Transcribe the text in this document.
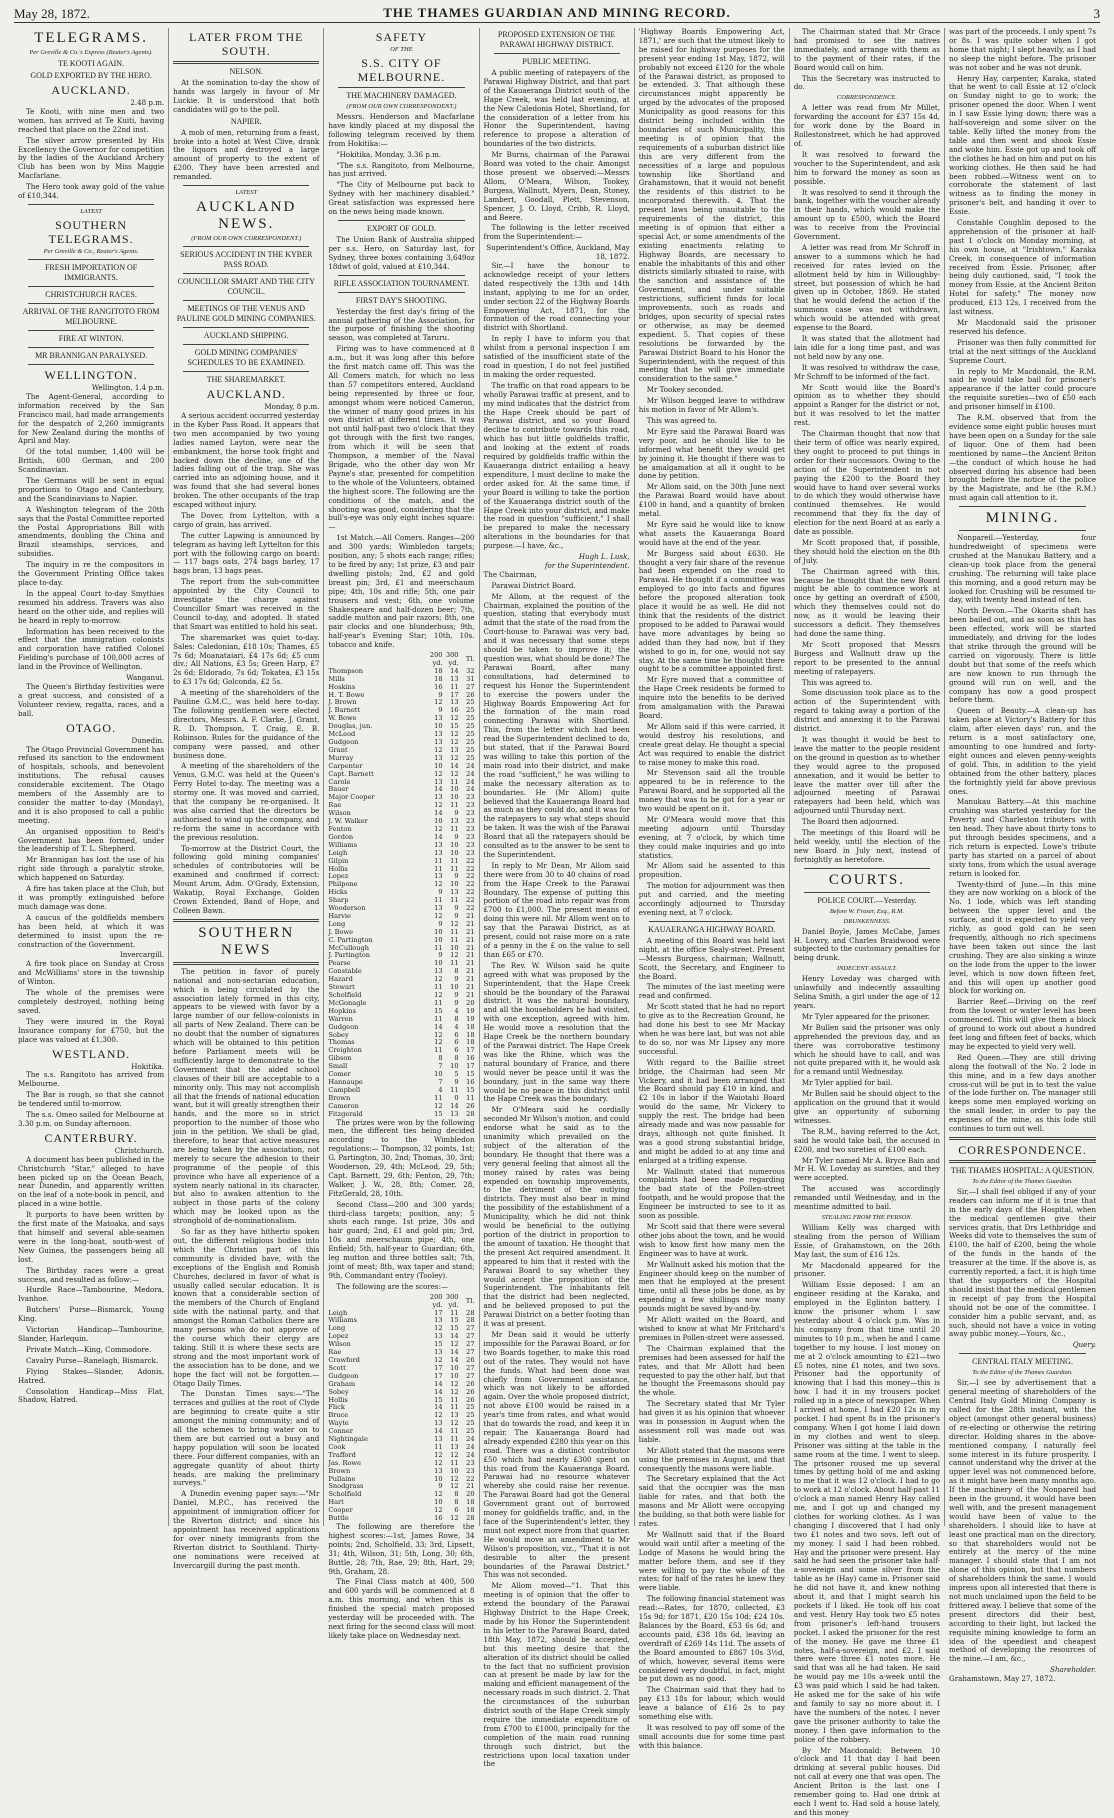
May 28, 1872.	THE THAMES GUARDIAN AND MINING RECORD.	3
TELEGRAMS.
Per Greville & Co.'s Express (Reuter's Agents).
TE KOOTI AGAIN.
GOLD EXPORTED BY THE HERO.
AUCKLAND.
2.48 p.m.

Te Kooti, with nine men and two women, has arrived at Te Kuiti, having reached that place on the 22nd inst.

The silver arrow presented by His Excellency the Governor for competition by the ladies of the Auckland Archery Club has been won by Miss Maggie Macfarlane.

The Hero took away gold of the value of £10,344.

LATEST
SOUTHERN TELEGRAMS.
Per Greville & Co., Reuter's Agents.
FRESH IMPORTATION OF IMMIGRANTS.
CHRISTCHURCH RACES.
ARRIVAL OF THE RANGITOTO FROM MELBOURNE.
FIRE AT WINTON.
MR BRANNIGAN PARALYSED.
WELLINGTON.
Wellington, 1.4 p.m.

The Agent-General, according to information received by the San Francisco mail, had made arrangements for the despatch of 2,260 immigrants for New Zealand during the months of April and May.

Of the total number, 1,400 will be British, 600 German, and 200 Scandinavian.

The Germans will be sent in equal proportions to Otago and Canterbury, and the Scandinavians to Napier.

A Washington telegram of the 20th says that the Postal Committee reported the Postal Appropriations Bill with amendments, doubling the China and Brazil steamships, services, and subsidies.

The inquiry in re the compositors in the Government Printing Office takes place to-day.

In the appeal Court to-day Smythies resumed his address. Travers was also heard on the other side, and replies will be heard in reply to-morrow.

Information has been received to the effect that the immigration colonists and corporation have ratified Colonel Fielding's purchase of 100,000 acres of land in the Province of Wellington.

Wanganui.

The Queen's Birthday festivities were a great success, and consisted of a Volunteer review, regatta, races, and a ball.

OTAGO.
Dunedin.

The Otago Provincial Government has refused its sanction to the endowment of hospitals, schools, and benevolent institutions. The refusal causes considerable excitement. The Otago members of the Assembly are to consider the matter to-day (Monday), and it is also proposed to call a public meeting.

An organised opposition to Reid's Government has been formed, under the leadership of T. L. Shepherd.

Mr Brannigan has lost the use of his right side through a paralytic stroke, which happened on Saturday.

A fire has taken place at the Club, but it was promptly extinguished before much damage was done.

A caucus of the goldfields members has been held, at which it was determined to insist upon the re-construction of the Government.

Invercargill.

A fire took place on Sunday at Cross and McWilliams' store in the township of Winton.

The whole of the premises were completely destroyed, nothing being saved.

They were insured in the Royal Insurance company for £750, but the place was valued at £1,300.

WESTLAND.
Hokitika.

The s.s. Rangitoto has arrived from Melbourne.

The Bar is rough, so that she cannot be tendered until to-morrow.

The s.s. Omeo sailed for Melbourne at 3.30 p.m. on Sunday afternoon.

CANTERBURY.
Christchurch.

A document has been published in the Christchurch "Star," alleged to have been picked up on the Ocean Beach, near Dunedin, and apparently written on the leaf of a note-book in pencil, and placed in a wine bottle.

It purports to have been written by the first mate of the Matoaka, and says that himself and several able-seamen were in the long-boat, south-west of New Guinea, the passengers being all lost.

The Birthday races were a great success, and resulted as follow:—

Hurdle Race—Tambourine, Medora, Ivanhoe.

Butchers' Purse—Bismarck, Young King.

Victorian Handicap—Tambourine, Slander, Harlequin.

Private Match—King, Commodore.

Cavalry Purse—Ranelagh, Bismarck.

Flying Stakes—Slander, Adonis, Hatred.

Consolation Handicap—Miss Flat, Shadow, Hatred.

LATER FROM THE SOUTH.
NELSON.

At the nomination to-day the show of hands was largely in favour of Mr Luckie. It is understood that both candidates will go to the poll.

NAPIER.

A mob of men, returning from a feast, broke into a hotel at West Clive, drank the liquors and destroyed a large amount of property to the extent of £200. They have been arrested and remanded.

LATEST
AUCKLAND NEWS.
(FROM OUR OWN CORRESPONDENT.)
SERIOUS ACCIDENT IN THE KYBER PASS ROAD.
COUNCILLOR SMART AND THE CITY COUNCIL.
MEETINGS OF THE VENUS AND PAULINE GOLD MINING COMPANIES.
AUCKLAND SHIPPING.
GOLD MINING COMPANIES' SCHEDULES TO BE EXAMINED.
THE SHAREMARKET.
AUCKLAND.
Monday, 8 p.m.

A serious accident occurred yesterday in the Kyber Pass Road. It appears that two men accompanied by two young ladies named Layton, were near the embankment, the horse took fright and backed down the decline, one of the ladies falling out of the trap. She was carried into an adjoining house, and it was found that she had several bones broken. The other occupants of the trap escaped without injury.

The Dover, from Lyttelton, with a cargo of grain, has arrived.

The cutter Lapwing is announced by telegram as having left Lyttelton for this port with the following cargo on board:— 117 bags oats, 274 bags barley, 17 bags bran, 13 bags peas.

The report from the sub-committee appointed by the City Council to investigate the charge against Councillor Smart was received in the Council to-day, and adopted. It stated that Smart was entitled to hold his seat.

The sharemarket was quiet to-day. Sales: Caledonian, £18 10s; Thames, £5 7s 6d; Moanataiari, £4 17s 6d; £5 cum div.; All Nations, £3 5s; Green Harp, £7 2s 6d; Eldorado, 7s 6d; Tokatea, £3 15s to £3 17s 6d; Golconda, £2 5s.

A meeting of the shareholders of the Pauline G.M.C., was held here to-day. The following gentlemen were elected directors, Messrs. A. F. Clarke, J. Grant, R. D. Thompson, T. Craig, E. B. Robinson. Rules for the guidance of the company were passed, and other business done.

A meeting of the shareholders of the Venus, G.M.C. was held at the Queen's Ferry Hotel to-day. The meeting was a stormy one. It was moved and carried, that the company be re-organised. It was also carried that the directors be authorised to wind up the company, and re-form the same in accordance with the previous resolution.

To-morrow at the District Court, the following gold mining companies' schedules of contributories will be examined and confirmed if correct: Mount Arum, Adm. O'Grady, Extension, Wakatip, Royal Exchange, Golden Crown Extended, Band of Hope, and Colleen Bawn.

SOUTHERN NEWS

The petition in favor of purely national and non-sectarian education, which is being circulated by the association lately formed in this city, appears to be viewed with favor by a large number of our fellow-colonists in all parts of New Zealand. There can be no doubt that the number of signatures which will be obtained to this petition before Parliament meets will be sufficiently large to demonstrate to the Government that the aided school clauses of their bill are acceptable to a minority only. This may not accomplish all that the friends of national education want, but it will greatly strengthen their hands, and the more so in strict proportion to the number of those who join in the petition. We shall be glad, therefore, to hear that active measures are being taken by the association, not merely to secure the adhesion to their programme of the people of this province who have all experience of a system nearly national in its character, but also to awaken attention to the subject in those parts of the colony which may be looked upon as the stronghold of de-nominationalism.

So far as they have hitherto spoken out, the different religious bodies into which the Christian part of this community is divided have, with the exceptions of the English and Romish Churches, declared in favor of what is usually called secular education. It is known that a considerable section of the members of the Church of England side with the national party, and that amongst the Roman Catholics there are many persons who do not approve of the course which their clergy are taking. Still it is where these sects are strong and the most important work of the association has to be done, and we hope the fact will not be forgotten.—Otago Daily Times.

The Dunstan Times says:—"The terraces and gullies at the root of Clyde are beginning to create quite a stir amongst the mining community; and of all the schemes to bring water on to them are but carried out a busy and happy population will soon be located there. Four different companies, with an aggregate quantity of about thirty heads, are making the preliminary surveys."

A Dunedin evening paper says:—"Mr Daniel, M.P.C., has received the appointment of immigration officer for the Riverton district; and since his appointment has received applications for over ninety immigrants from the Riverton district to Southland. Thirty-one nominations were received at Invercargill during the past month.

SAFETY
OF THE
S.S. CITY OF MELBOURNE.
THE MACHINERY DAMAGED.
(FROM OUR OWN CORRESPONDENT.)

Messrs. Henderson and Macfarlane have kindly placed at my disposal the following telegram received by them from Hokitika:—

"Hokitika, Monday, 3.36 p.m.

"The s.s. Rangitoto, from Melbourne, has just arrived.

"The City of Melbourne put back to Sydney with her machinery disabled." Great satisfaction was expressed here on the news being made known.

EXPORT OF GOLD.

The Union Bank of Australia shipped per s.s. Hero, on Saturday last, for Sydney, three boxes containing 3,649oz 18dwt of gold, valued at £10,344.

RIFLE ASSOCIATION TOURNAMENT.
FIRST DAY'S SHOOTING.

Yesterday the first day's firing of the annual gathering of the Association, for the purpose of finishing the shooting season, was completed at Taruru.

Firing was to have commenced at 8 a.m., but it was long after this before the first match came off. This was the All Comers match, for which no less than 57 competitors entered, Auckland being represented by three or four, amongst whom were noticed Cameron, the winner of many good prizes in his own district at different times. It was not until half-past two o'clock that they got through with the first two ranges, from which it will be seen that Thompson, a member of the Naval Brigade, who the other day won Mr Payne's star, presented for competition to the whole of the Volunteers, obtained the highest score. The following are the conditions of the match, and the shooting was good, considering that the bull's-eye was only eight inches square:—

1st Match.—All Comers. Ranges—200 and 300 yards; Wimbledon targets; position, any; 5 shots each range; rifles; to be fired by any; 1st prize, £3 and pair dwelling pistols; 2nd, £2 and gold breast pin; 3rd, £1 and meerschaum pipe; 4th, 10s and rifle; 5th, one pair trousers and vest; 6th, one volume Shakespeare and half-dozen beer; 7th, saddle mutton and pair razors; 8th, one pair clocks and one blunderbuss; 9th, half-year's Evening Star; 10th, 10s. tobacco and knife.

	200 yd.	300 yd.	Tl.
Thompson	18	14	32
Mills	18	13	31
Hoskins	16	11	27
H. T. Bowe	9	17	26
J. Brown	12	13	25
J. Barnett	9	16	25
W. Bowe	13	12	25
Douglas, jun.	10	15	25
McLeod	13	12	25
Gudgeon	13	12	25
Grant	12	13	25
Murray	13	12	25
Carpenter	10	14	24
Capt. Barnett	12	12	24
Carole	13	11	24
Bauer	14	10	24
Major Cooper	13	10	23
Rae	12	11	23
Wilson	14	9	23
J. W. Walker	10	13	23
Fenton	12	11	23
Gordon	14	9	23
Williams	13	10	23
Leigh	13	10	23
Gilpin	11	11	22
Hollis	11	11	22
Lopez	13	9	22
Philpone	12	10	22
Hicks	9	13	22
Sharp	11	11	22
Wooderson	13	9	22
Harvie	12	9	21
Long	9	12	21
J. Bowe	10	11	21
C. Partington	10	11	21
McCullough	11	10	21
J. Partington	9	12	21
Pearse	10	11	21
Constable	13	8	21
Hazard	12	9	21
Stewart	11	10	21
Scholfield	12	9	21
McGonagle	11	9	20
Hopkins	15	4	19
Warren	11	8	19
Gudgeon	14	4	18
Sobey	12	6	18
Thomas	12	6	18
Creighton	11	6	17
Gibson	8	8	16
Small	7	10	17
Comer	10	5	15
Hannaupe	7	9	16
Campbell	4	11	15
Brown	11	0	11
Cameron	12	14	26
Fitzgerald	15	13	28

The prizes were won by the following men, the different ties being decided according to the Wimbledon regulations:— Thompson, 32 points, 1st; G. Partington, 30, 2nd; Thomas, 30, 3rd; Wooderson, 29, 4th; McLeod, 29, 5th; Capt. Barnett, 29, 6th; Fenton, 29, 7th; Walker, J. W., 28, 8th; Comer, 28, FitzGerald, 28, 10th.

Second Class—200 and 300 yards; third-class targets; position, any; 5 shots each range. 1st prize, 30s and hair guard; 2nd, £1 and gold pin; 3rd, 10s and meerschaum pipe; 4th, one Enfield; 5th, half-year to Guardian; 6th, leg mutton and three bottles salt; 7th, joint of meat; 8th, wax taper and stand; 9th, Commandant entry (Tooley).

The following are the scores:—

	200 yd.	300 yd.	Tl.
Leigh	17	11	28
Williams	13	15	28
Long	12	15	27
Lopez	13	14	27
Wilson	15	12	27
Rae	13	14	27
Crawford	12	14	26
Scott	17	10	27
Gudgeon	17	10	27
Graham	14	12	26
Sobey	14	12	26
Hollis	15	11	26
Flick	14	11	25
Bruce	12	13	25
Wayte	13	12	25
Conner	14	11	25
Nightingale	13	11	24
Cook	11	13	24
Trafford	12	12	24
Jas. Rowe	12	11	23
Brown	13	10	23
Pullaine	10	12	22
Snodgrass	9	12	21
Scholfield	12	8	20
Hart	10	8	18
Cooper	12	6	18
Buttle	16	12	28

The following are therefore the highest scores:—1st, James Rowe, 34 points; 2nd, Scholfield, 33; 3rd, Lipsett, 31; 4th, Wilson, 31; 5th, Long, 30; 6th, Buttle, 28; 7th, Rae, 29; 8th, Hart, 29; 9th, Graham, 28.

The Final Class match at 400, 500 and 600 yards will be commenced at 8 a.m. this morning, and when this is finished the special match proposed yesterday will be proceeded with. The next firing for the second class will most likely take place on Wednesday next.

PROPOSED EXTENSION OF THE PARAWAI HIGHWAY DISTRICT.
PUBLIC MEETING.

A public meeting of ratepayers of the Parawai Highway District, and that part of the Kauaeranga District south of the Hape Creek, was held last evening, at the New Caledonia Hotel, Shortland, for the consideration of a letter from his Honor the Superintendent, having reference to propose a alteration of boundaries of the two districts.

Mr Burns, chairman of the Parawai Board was voted to the chair. Amongst those present we observed:—Messrs Allom, O'Meara, Wilson, Tookey, Burgess, Wallnutt, Myers, Dean, Stoney, Lambert, Goodall, Plett, Stevenson, Spencer, J. O. Lloyd, Cribb, R. Lloyd, and Beere.

The following is the letter received from the Superintendent:—

Superintendent's Office, Auckland, May 18, 1872.

Sir,—I have the honour to acknowledge receipt of your letters dated respectively the 13th and 14th instant, applying to me for an order, under section 22 of the Highway Boards Empowering Act, 1871, for the formation of the road connecting your district with Shortland.

In reply I have to inform you that whilst from a personal inspection I am satisfied of the insufficient state of the road in question, I do not feel justified in making the order requested.

The traffic on that road appears to be wholly Parawai traffic at present, and to my mind indicates that the district from the Hape Creek should be part of Parawai district, and so your Board decline to contribute towards this road, which has but little goldfields traffic, and looking at the extent of roads required by goldfields traffic within the Kauaeranga district entailing a heavy expenditure, I must decline to make the order asked for. At the same time, if your Board is willing to take the portion of the Kauaeranga district south of the Hape Creek into your district, and make the road in question "sufficient," I shall be prepared to make the necessary alterations in the boundaries for that purpose.—I have, &c.,

Hugh L. Lusk,
for the Superintendent.

The Chairman,

Parawai District Board.

Mr Allom, at the request of the Chairman, explained the position of the question, stating that everybody must admit that the state of the road from the Court-house to Parawai was very bad, and it was necessary that some steps should be taken to improve it; the question was, what should be done? The Parawai Board, after many consultations, had determined to request his Honor the Superintendent to exercise the powers under the Highway Boards Empowering Act for the formation of the main road connecting Parawai with Shortland. This, from the letter which had been read the Superintendent declined to do, but stated, that if the Parawai Board was willing to take this portion of the main road into their district, and make the road "sufficient," he was willing to make the necessary alteration as to boundaries. He (Mr Allom) quite believed that the Kauaeranga Board had as much as they could do, and it was for the ratepayers to say what steps should be taken. It was the wish of the Parawai Board that all the ratepayers should be consulted as to the answer to be sent to the Superintendent.

In reply to Mr Dean, Mr Allom said there were from 30 to 40 chains of road from the Hape Creek to the Parawai Boundary. The expense of putting this portion of the road into repair was from £700 to £1,000. The present means of doing this were nil. Mr Allom went on to say that the Parawai District, as at present, could not raise more on a rate of a penny in the £ on the value to sell than £65 or £70.

The Rev. W. Wilson said he quite agreed with what was proposed by the Superintendent, that the Hape Creek should be the boundary of the Parawai district. It was the natural boundary, and all the householders he had visited, with one exception, agreed with him. He would move a resolution that the Hape Creek be the northern boundary of the Parawai district. The Hape Creek was like the Rhine, which was the natural boundary of France, and there would never be peace until it was the boundary, just in the same way there would be no peace in this district until the Hape Creek was the boundary.

Mr O'Meara said he cordially seconded Mr Wilson's motion, and could endorse what he said as to the unanimity which prevailed on the subject of the alteration of the boundary. He thought that there was a very general feeling that almost all the money raised by rates was being expended on township improvements, to the detriment of the outlying districts. They must also bear in mind the possibility of the establishment of a Municipality, which he did not think would be beneficial to the outlying portion of the district in proportion to the amount of taxation. He thought that the present Act required amendment. It appeared to him that it rested with the Parawai Board to say whether they would accept the proposition of the Superintendent. The inhabitants felt that the district had been neglected, and he believed proposed to put the Parawai District on a better footing than it was at present.

Mr Dean said it would be utterly impossible for the Parawai Board, or for two Boards together, to make this road out of the rates. They would not have the funds. What had been done was chiefly from Government assistance, which was not likely to be afforded again. Over the whole proposed district, not above £100 would be raised in a year's time from rates, and what would that do towards the road, and keep it in repair. The Kauaeranga Board had already expended £280 this year on this road. There was a distinct contributor £50 which had nearly £300 spent on this road from the Kauaeranga Board. Parawai had no resource whatever whereby she could raise her revenue. The Parawai Board had got the General Government grant out of borrowed money for goldfields traffic, and, in the face of the Superintendent's letter, they must not expect more from that quarter. He would move an amendment to Mr Wilson's proposition, viz., "That it is not desirable to alter the present boundaries of the Parawai District." This was not seconded.

Mr Allom moved—"1. That this meeting is of opinion that the offer to extend the boundary of the Parawai Highway District to the Hape Creek, made by his Honor the Superintendent in his letter to the Parawai Board, dated 18th May, 1872, should be accepted, but this meeting desire that the alteration of its district should be called to the fact that no sufficient provision can at present be made by law for the making and efficient management of the necessary roads in such district. 2. That the circumstances of the suburban district south of the Hape Creek simply require the immediate expenditure of from £700 to £1000, principally for the completion of the main road running through such district, but the restrictions upon local taxation under the

'Highway Boards Empowering Act, 1871,' are such that the utmost likely to be raised for highway purposes for the present year ending 1st May, 1872, will probably not exceed £120 for the whole of the Parawai district, as proposed to be extended. 3. That although these circumstances might apparently be urged by the advocates of the proposed Municipality as good reasons for this district being included within the boundaries of such Municipality, this meeting is of opinion that the requirements of a suburban district like this are very different from the necessities of a large and populous township like Shortland and Grahamstown, that it would not benefit the residents of this district to be incorporated therewith. 4. That the present laws being unsuitable to the requirements of the district, this meeting is of opinion that either a special Act, or some amendments of the existing enactments relating to Highway Boards, are necessary to enable the inhabitants of this and other districts similarly situated to raise, with the sanction and assistance of the Government, and under suitable restrictions, sufficient funds for local improvements, such as roads and bridges, upon security of special rates or otherwise, as may be deemed expedient. 5. That copies of these resolutions be forwarded by the Parawai District Board to his Honor the Superintendent, with the request of this meeting that he will give immediate consideration to the same."

Mr Tookey seconded.

Mr Wilson begged leave to withdraw his motion in favor of Mr Allom's.

This was agreed to.

Mr Eyre said the Parawai Board was very poor, and he should like to be informed what benefit they would get by joining it. He thought if there was to be amalgamation at all it ought to be done by petition.

Mr Allom said, on the 30th June next the Parawai Board would have about £100 in hand, and a quantity of broken metal.

Mr Eyre said he would like to know what assets the Kauaeranga Board would have at the end of the year.

Mr Burgess said about £630. He thought a very fair share of the revenue had been expended on the road to Parawai. He thought if a committee was employed to go into facts and figures before the proposed alteration took place it would be as well. He did not think that the residents of the district proposed to be added to Parawai would have more advantages by being so added than they had now, but if they wished to go in, for one, would not say stay. At the same time he thought there ought to be a committee appointed first.

Mr Eyre moved that a committee of the Hape Creek residents be formed to inquire into the benefits to be derived from amalgamation with the Parawai Board.

Mr Allom said if this were carried, it would destroy his resolutions, and create great delay. He thought a special Act was required to enable the district to raise money to make this road.

Mr Stevenson said all the trouble appeared to be in reference to the Parawai Board, and he supported all the money that was to be got for a year or two would be spent on it.

Mr O'Meara would move that this meeting adjourn until Thursday evening, at 7 o'clock, by which time they could make inquiries and go into statistics.

Mr Allom said he assented to this proposition.

The motion for adjournment was then put and carried, and the meeting accordingly adjourned to Thursday evening next, at 7 o'clock.

KAUAERANGA HIGHWAY BOARD.

A meeting of this Board was held last night, at the office Sealy-street. Present —Messrs Burgess, chairman; Wallnutt, Scott, the Secretary, and Engineer to the Board.

The minutes of the last meeting were read and confirmed.

Mr Scott stated that he had no report to give as to the Recreation Ground, he had done his best to see Mr Mackay when he was here last, but was not able to do so, nor was Mr Lipsey any more successful.

With regard to the Baillie street bridge, the Chairman had seen Mr Vickery, and it had been arranged that the Board should pay £10 in kind, and £2 10s in labor if the Waiotahi Board would do the same, Mr Vickery to supply the rest. The bridge had been already made and was now passable for drays, although not quite finished. It was a good strong substantial bridge, and might be added to at any time and enlarged at a trifling expense.

Mr Wallnutt stated that numerous complaints had been made regarding the bad state of the Pollen-street footpath, and he would propose that the Engineer be instructed to see to it as soon as possible.

Mr Scott said that there were several other jobs about the town, and he would wish to know first how many men the Engineer was to have at work.

Mr Wallnutt asked his motion that the Engineer should keep on the number of men that he employed at the present time, until all these jobs be done, as by expending a few shillings now many pounds might be saved by-and-by.

Mr Allott waited on the Board, and wished to know at what Mr Fritchard's premises in Pollen-street were assessed.

The Chairman explained that the premises had been assessed for half the rates, and that Mr Allott had been requested to pay the other half, but that he thought the Freemasons should pay the whole.

The Secretary stated that Mr Tyler had given it as his opinion that whoever was in possession in August when the assessment roll was made out was liable.

Mr Allott stated that the masons were using the premises in August, and that consequently the masons were liable.

The Secretary explained that the Act said that the occupier was the man liable for rates, and that both the masons and Mr Allott were occupying the building, so that both were liable for rates.

Mr Wallnutt said that if the Board would wait until after a meeting of the Lodge of Masons he would bring the matter before them, and see if they were willing to pay the whole of the rates; for half of the rates he knew they were liable.

The following financial statement was read:—Rates, for 1870, collected, £3 15s 9d; for 1871, £20 15s 10d; £24 10s. Balances by the Board, £53 6s 6d; and accounts paid, £38 18s 6d, leaving an overdraft of £269 14s 11d. The assets of the Board amounted to £867 10s 3½d, of which, however, several items were considered very doubtful, in fact, might be put down as no good.

The Chairman said that they had to pay £13 18s for labour, which would leave a balance of £16 2s to pay something else with.

It was resolved to pay off some of the small accounts due for some time past with this balance.

The Chairman stated that Mr Grace had promised to see the natives immediately, and arrange with them as to the payment of their rates, if the Board would call on him.

This the Secretary was instructed to do.

CORRESPONDENCE.

A letter was read from Mr Millet, forwarding the account for £37 15s 4d, for work done by the Board in Rollestonstreet, which he had approved of.

It was resolved to forward the voucher to the Superintendent, and ask him to forward the money as soon as possible.

It was resolved to send it through the bank, together with the voucher already in their hands, which would make the amount up to £500, which the Board was to receive from the Provincial Government.

A letter was read from Mr Schroff in answer to a summons which he had received for rates levied on the allotment held by him in Willoughby-street, but possession of which he had given up in October, 1869. He stated that he would defend the action if the summons case was not withdrawn, which would be attended with great expense to the Board.

It was stated that the allotment had lain idle for a long time past, and was not held now by any one.

It was resolved to withdraw the case, Mr Schroff to be informed of the fact.

Mr Scott would like the Board's opinion as to whether they should appoint a Ranger for the district or not, but it was resolved to let the matter rest.

The Chairman thought that now that their term of office was nearly expired, they ought to proceed to put things in order for their successors. Owing to the action of the Superintendent in not paying the £200 to the Board they would have to hand over several works to do which they would otherwise have continued themselves. He would recommend that they fix the day of election for the next Board at as early a date as possible.

Mr Scott proposed that, if possible, they should hold the election on the 8th of July.

The Chairman agreed with this, because he thought that the new Board might be able to commence work at once by getting an overdraft of £500, which they themselves could not do now, as it would be leaving their successors a deficit. They themselves had done the same thing.

Mr Scott proposed that Messrs Burgess and Wallnutt draw up the report to be presented to the annual meeting of ratepayers.

This was agreed to.

Some discussion took place as to the action of the Superintendent with regard to taking away a portion of the district and annexing it to the Parawai district.

It was thought it would be best to leave the matter to the people resident on the ground in question as to whether they would agree to the proposed annexation, and it would be better to leave the matter over till after the adjourned meeting of Parawai ratepayers had been held, which was adjourned until Thursday next.

The Board then adjourned.

The meetings of this Board will be held weekly, until the election of the new Board in July next, instead of fortnightly as heretofore.

COURTS.
POLICE COURT.—Yesterday.
Before W. Fraser, Esq., R.M.
DRUNKENNESS.

Daniel Boyle, James McCabe, James H. Lowry, and Charles Braidwood were subjected to the customary penalties for being drunk.

INDECENT ASSAULT.

Henry Loveday was charged with unlawfully and indecently assaulting Selina Smith, a girl under the age of 12 years.

Mr Tyler appeared for the prisoner.

Mr Bullen said the prisoner was only apprehended the previous day, and as there was corroborative testimony which he should have to call, and was not quite prepared with it, he would ask for a remand until Wednesday.

Mr Tyler applied for bail.

Mr Bullen said he should object to the application on the ground that it would give an opportunity of suborning witnesses.

The R.M., having referred to the Act, said he would take bail, the accused in £200, and two sureties of £100 each.

Mr Tyler named Mr A. Bryce Bain and Mr H. W. Loveday as sureties, and they were accepted.

The accused was accordingly remanded until Wednesday, and in the meantime admitted to bail.

STEALING FROM THE PERSON.

William Kelly was charged with stealing from the person of William Essie, of Grahamstown, on the 26th May last, the sum of £16 12s.

Mr Macdonald appeared for the prisoner.

William Essie deposed: I am an engineer residing at the Karaka, and employed in the Eglinton battery. I know the prisoner whom I saw yesterday about 4 o'clock p.m. Was in his company from that time until 20 minutes to 10 p.m., when he and I came together to my house. I lost money on me at 2 o'clock amounting to £21—two £5 notes, nine £1 notes, and two sovs. Prisoner had the opportunity of knowing that I had this money—this is how. I had it in my trousers pocket rolled up in a piece of newspaper. When I arrived at home, I had £20 12s in my pocket. I had spent 8s in the prisoner's company. When I got home I laid down in my clothes and went to sleep. Prisoner was sitting at the table in the same room at the time. I went to sleep. The prisoner roused me up several times by getting hold of me and asking to me that it was 12 o'clock. I had to go to work at 12 o'clock. About half-past 11 o'clock a man named Henry Hay called me, and I got up and changed my clothes for working clothes. As I was changing I discovered that I had only two £1 notes and two sovs. left out of my money. I said I had been robbed. Hay and the prisoner were present. Hay said he had seen the prisoner take half-a-sovereign and some silver from the table as he (Hay) came in. Prisoner said he did not have it, and knew nothing about it, and that I might search his pockets if I liked. He took off his coat and vest. Henry Hay took two £5 notes from prisoner's left-hand trousers pocket. I asked the prisoner for the rest of the money. He gave me three £1 notes, half-a-sovereign, and £2. I said there were three £1 notes more. He said that was all he had taken. He said he would pay me 10s a-week until the £3 was paid which I said he had taken. He asked me for the sake of his wife and family to say no more about it. I have the numbers of the notes. I never gave the prisoner authority to take the money. I then gave information to the police of the robbery.

By Mr Macdonald: Between 10 o'clock and 11 that day I had been drinking at several public houses. Did not call at every one that was open. The Ancient Briton is the last one I remember going to. Had one drink at each I went to. Had sold a house lately, and this money

was part of the proceeds. I only spent 7s or 8s. I was quite sober when I got home that night; I slept heavily, as I had no sleep the night before. The prisoner was not sober and he was not drunk.

Henry Hay, carpenter, Karaka, stated that he went to call Essie at 12 o'clock on Sunday night to go to work; the prisoner opened the door. When I went in I saw Essie lying down; there was a half-sovereign and some silver on the table. Kelly lifted the money from the table and then went and shook Essie and woke him. Essie got up and took off the clothes he had on him and put on his working clothes. He then said he had been robbed.—Witness went on to corroborate the statement of last witness as to finding the money in prisoner's belt, and handing it over to Essie.

Constable Coughlin deposed to the apprehension of the prisoner at half-past 1 o'clock on Monday morning, at his own house, at "Irishtown," Karaka Creek, in consequence of information received from Essie. Prisoner, after being duly cautioned, said, "I took the money from Essie, at the Ancient Briton Hotel for safety." The money now produced, £13 12s, I received from the last witness.

Mr Macdonald said the prisoner reserved his defence.

Prisoner was then fully committed for trial at the next sittings of the Auckland Supreme Court.

In reply to Mr Macdonald, the R.M. said he would take bail for prisoner's appearance if the latter could procure the requisite sureties—two of £50 each and prisoner himself in £100.

The R.M. observed that from the evidence some eight public houses must have been open on a Sunday for the sale of liquor. One of them had been mentioned by name—the Ancient Briton—the conduct of which house he had observed during his absence had been brought before the notice of the police by the Magistrate, and he (the R.M.) must again call attention to it.

MINING.

Nonpareil.—Yesterday, four hundredweight of specimens were crushed at the Manukau Battery, and a clean-up took place from the general crushing. The returning will take place this morning, and a good return may be looked for. Crushing will be resumed to-day, with twenty head instead of ten.

North Devon.—The Okarita shaft has been bailed out, and as soon as this has been effected, work will be started immediately, and driving for the lodes that strike through the ground will be carried on vigorously. There is little doubt but that some of the reefs which are now known to run through the ground will run on well, and the company has now a good prospect before them.

Queen of Beauty.—A clean-up has taken place at Victory's Battery for this claim, after eleven days' run, and the return is a most satisfactory one, amounting to one hundred and forty-eight ounces and eleven penny-weights of gold. This, in addition to the yield obtained from the other battery, places the fortnightly yield far above previous ones.

Manukau Battery.—At this machine crushing was started yesterday for the Poverty and Charleston tributers with ten head. They have about thirty tons to put through besides specimens, and a rich return is expected. Lowe's tribute party has started on a parcel of about sixty tons, from which the usual average return is looked for.

Twenty-third of June.—In this mine they are now working on a block of the No. 1 lode, which was left standing between the upper level and the surface, and it is expected to yield very richly, as good gold can be seen frequently, although no rich specimens have been taken out since the last crushing. They are also sinking a winze on the lode from the upper to the lower level, which is now down fifteen feet, and this will open up another good block for working on.

Barrier Reef.—Driving on the reef from the lowest or water level has been commenced. This will give them a block of ground to work out about a hundred feet long and fifteen feet of backs, which may be expected to yield very well.

Red Queen.—They are still driving along the footwall of the No. 2 lode in this mine, and in a few days another cross-cut will be put in to test the value of the lode further on. The manager still keeps some men employed working on the small leader, in order to pay the expenses of the mine, as this lode still continues to turn out well.

CORRESPONDENCE.
THE THAMES HOSPITAL: A QUESTION.
To the Editor of the Thames Guardian.

Sir,—I shall feel obliged if any of your readers can inform me if it is true that in the early days of the Hospital, when the medical gentlemen give their services gratis, that Drs Lethbridge and Weeks did vote to themselves the sum of £100, the half of £200, being the whole of the funds in the hands of the treasurer at the time. If the above is, as currently reported, a fact, it is high time that the supporters of the Hospital should insist that the medical gentlemen in receipt of pay from the Hospital should not be one of the committee. I consider him a public servant, and, as such, should not have a voice in voting away public money.—Yours, &c.,

Query.
CENTRAL ITALY MEETING.
To the Editor of the Thames Guardian.

Sir,—I see by advertisement that a general meeting of shareholders of the Central Italy Gold Mining Company is called for the 28th instant, with the object (amongst other general business) of re-electing or otherwise the retiring director. Holding shares in the above-mentioned company, I naturally feel some interest in its future prosperity. I cannot understand why the driver at the upper level was not commenced before, as it might have been many months ago. If the machinery of the Nonpareil had been in the ground, it would have been well with, and the present management would have been of value to the shareholders. I should like to have at least one practical man on the directory, so that shareholders would not be entirely at the mercy of the mine manager. I should state that I am not alone of this opinion, but that numbers of shareholders think the same. I would impress upon all interested that there is not much unclaimed upon the field to be frittered away. I believe that some of the present directors did their best, according to their light, but lacked the requisite mining knowledge to form an idea of the speediest and cheapest method of developing the resources of the mine.—I am, &c.,

Shareholder.

Grahamstown, May 27, 1872.
